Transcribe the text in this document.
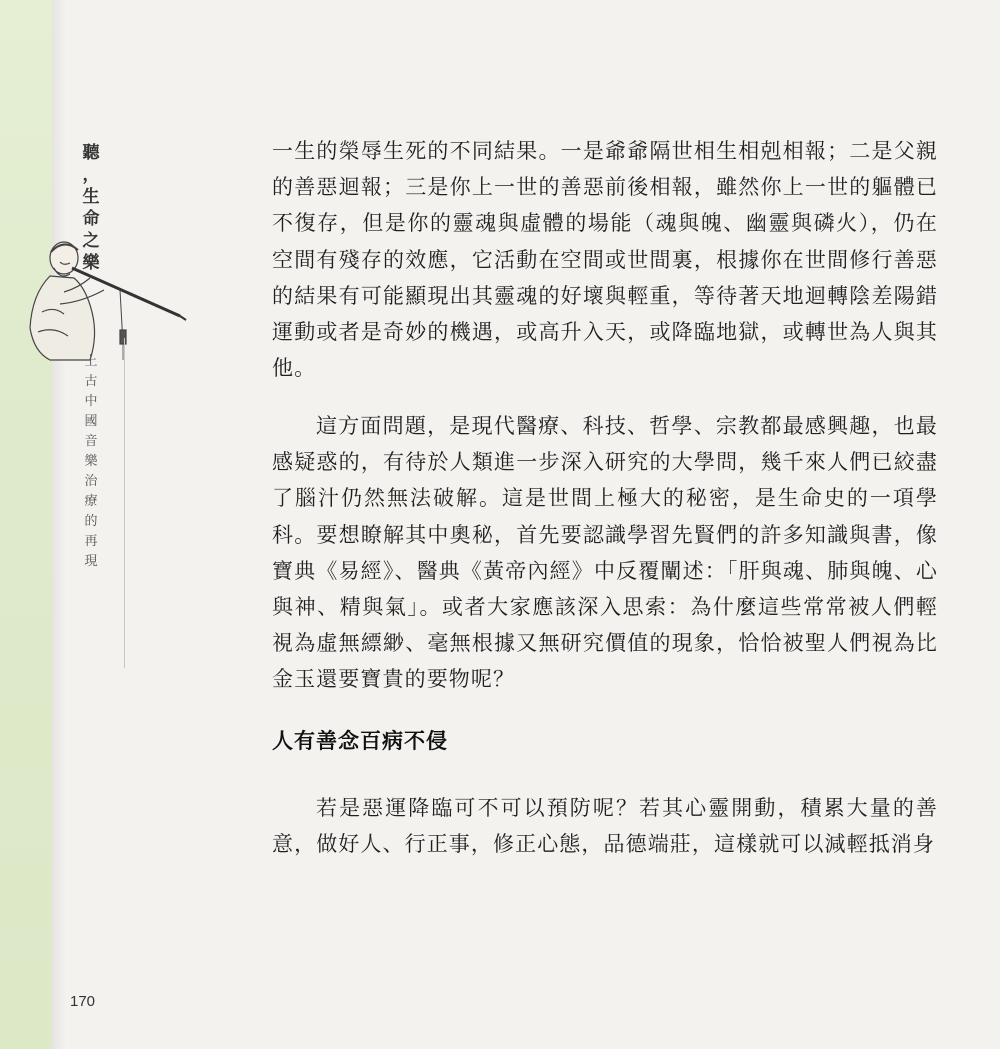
聽
，
生
命
之
樂
上
古
中
國
音
樂
治
療
的
再
現

一生的榮辱生死的不同結果。一是爺爺隔世相生相剋相報；二是父親的善惡迴報；三是你上一世的善惡前後相報，雖然你上一世的軀體已不復存，但是你的靈魂與虛體的場能（魂與魄、幽靈與磷火），仍在空間有殘存的效應，它活動在空間或世間裏，根據你在世間修行善惡的結果有可能顯現出其靈魂的好壞與輕重，等待著天地迴轉陰差陽錯運動或者是奇妙的機遇，或高升入天，或降臨地獄，或轉世為人與其他。

這方面問題，是現代醫療、科技、哲學、宗教都最感興趣，也最感疑惑的，有待於人類進一步深入研究的大學問，幾千來人們已絞盡了腦汁仍然無法破解。這是世間上極大的秘密，是生命史的一項學科。要想瞭解其中奧秘，首先要認識學習先賢們的許多知識與書，像寶典《易經》、醫典《黃帝內經》中反覆闡述：「肝與魂、肺與魄、心與神、精與氣」。或者大家應該深入思索：為什麼這些常常被人們輕視為虛無縹緲、毫無根據又無研究價值的現象，恰恰被聖人們視為比金玉還要寶貴的要物呢？

人有善念百病不侵

若是惡運降臨可不可以預防呢？若其心靈開動，積累大量的善意，做好人、行正事，修正心態，品德端莊，這樣就可以減輕抵消身

170
